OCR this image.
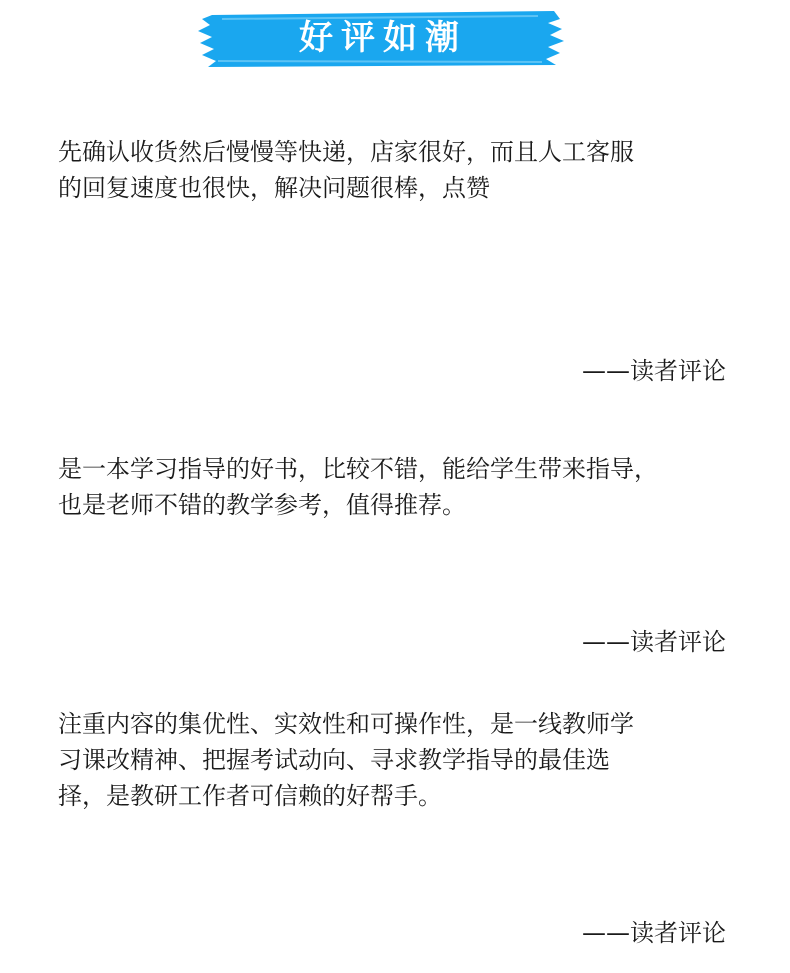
好评如潮
先确认收货然后慢慢等快递，店家很好，而且人工客服
的回复速度也很快，解决问题很棒，点赞
——读者评论
是一本学习指导的好书，比较不错，能给学生带来指导，
也是老师不错的教学参考，值得推荐。
——读者评论
注重内容的集优性、实效性和可操作性，是一线教师学
习课改精神、把握考试动向、寻求教学指导的最佳选
择，是教研工作者可信赖的好帮手。
——读者评论
